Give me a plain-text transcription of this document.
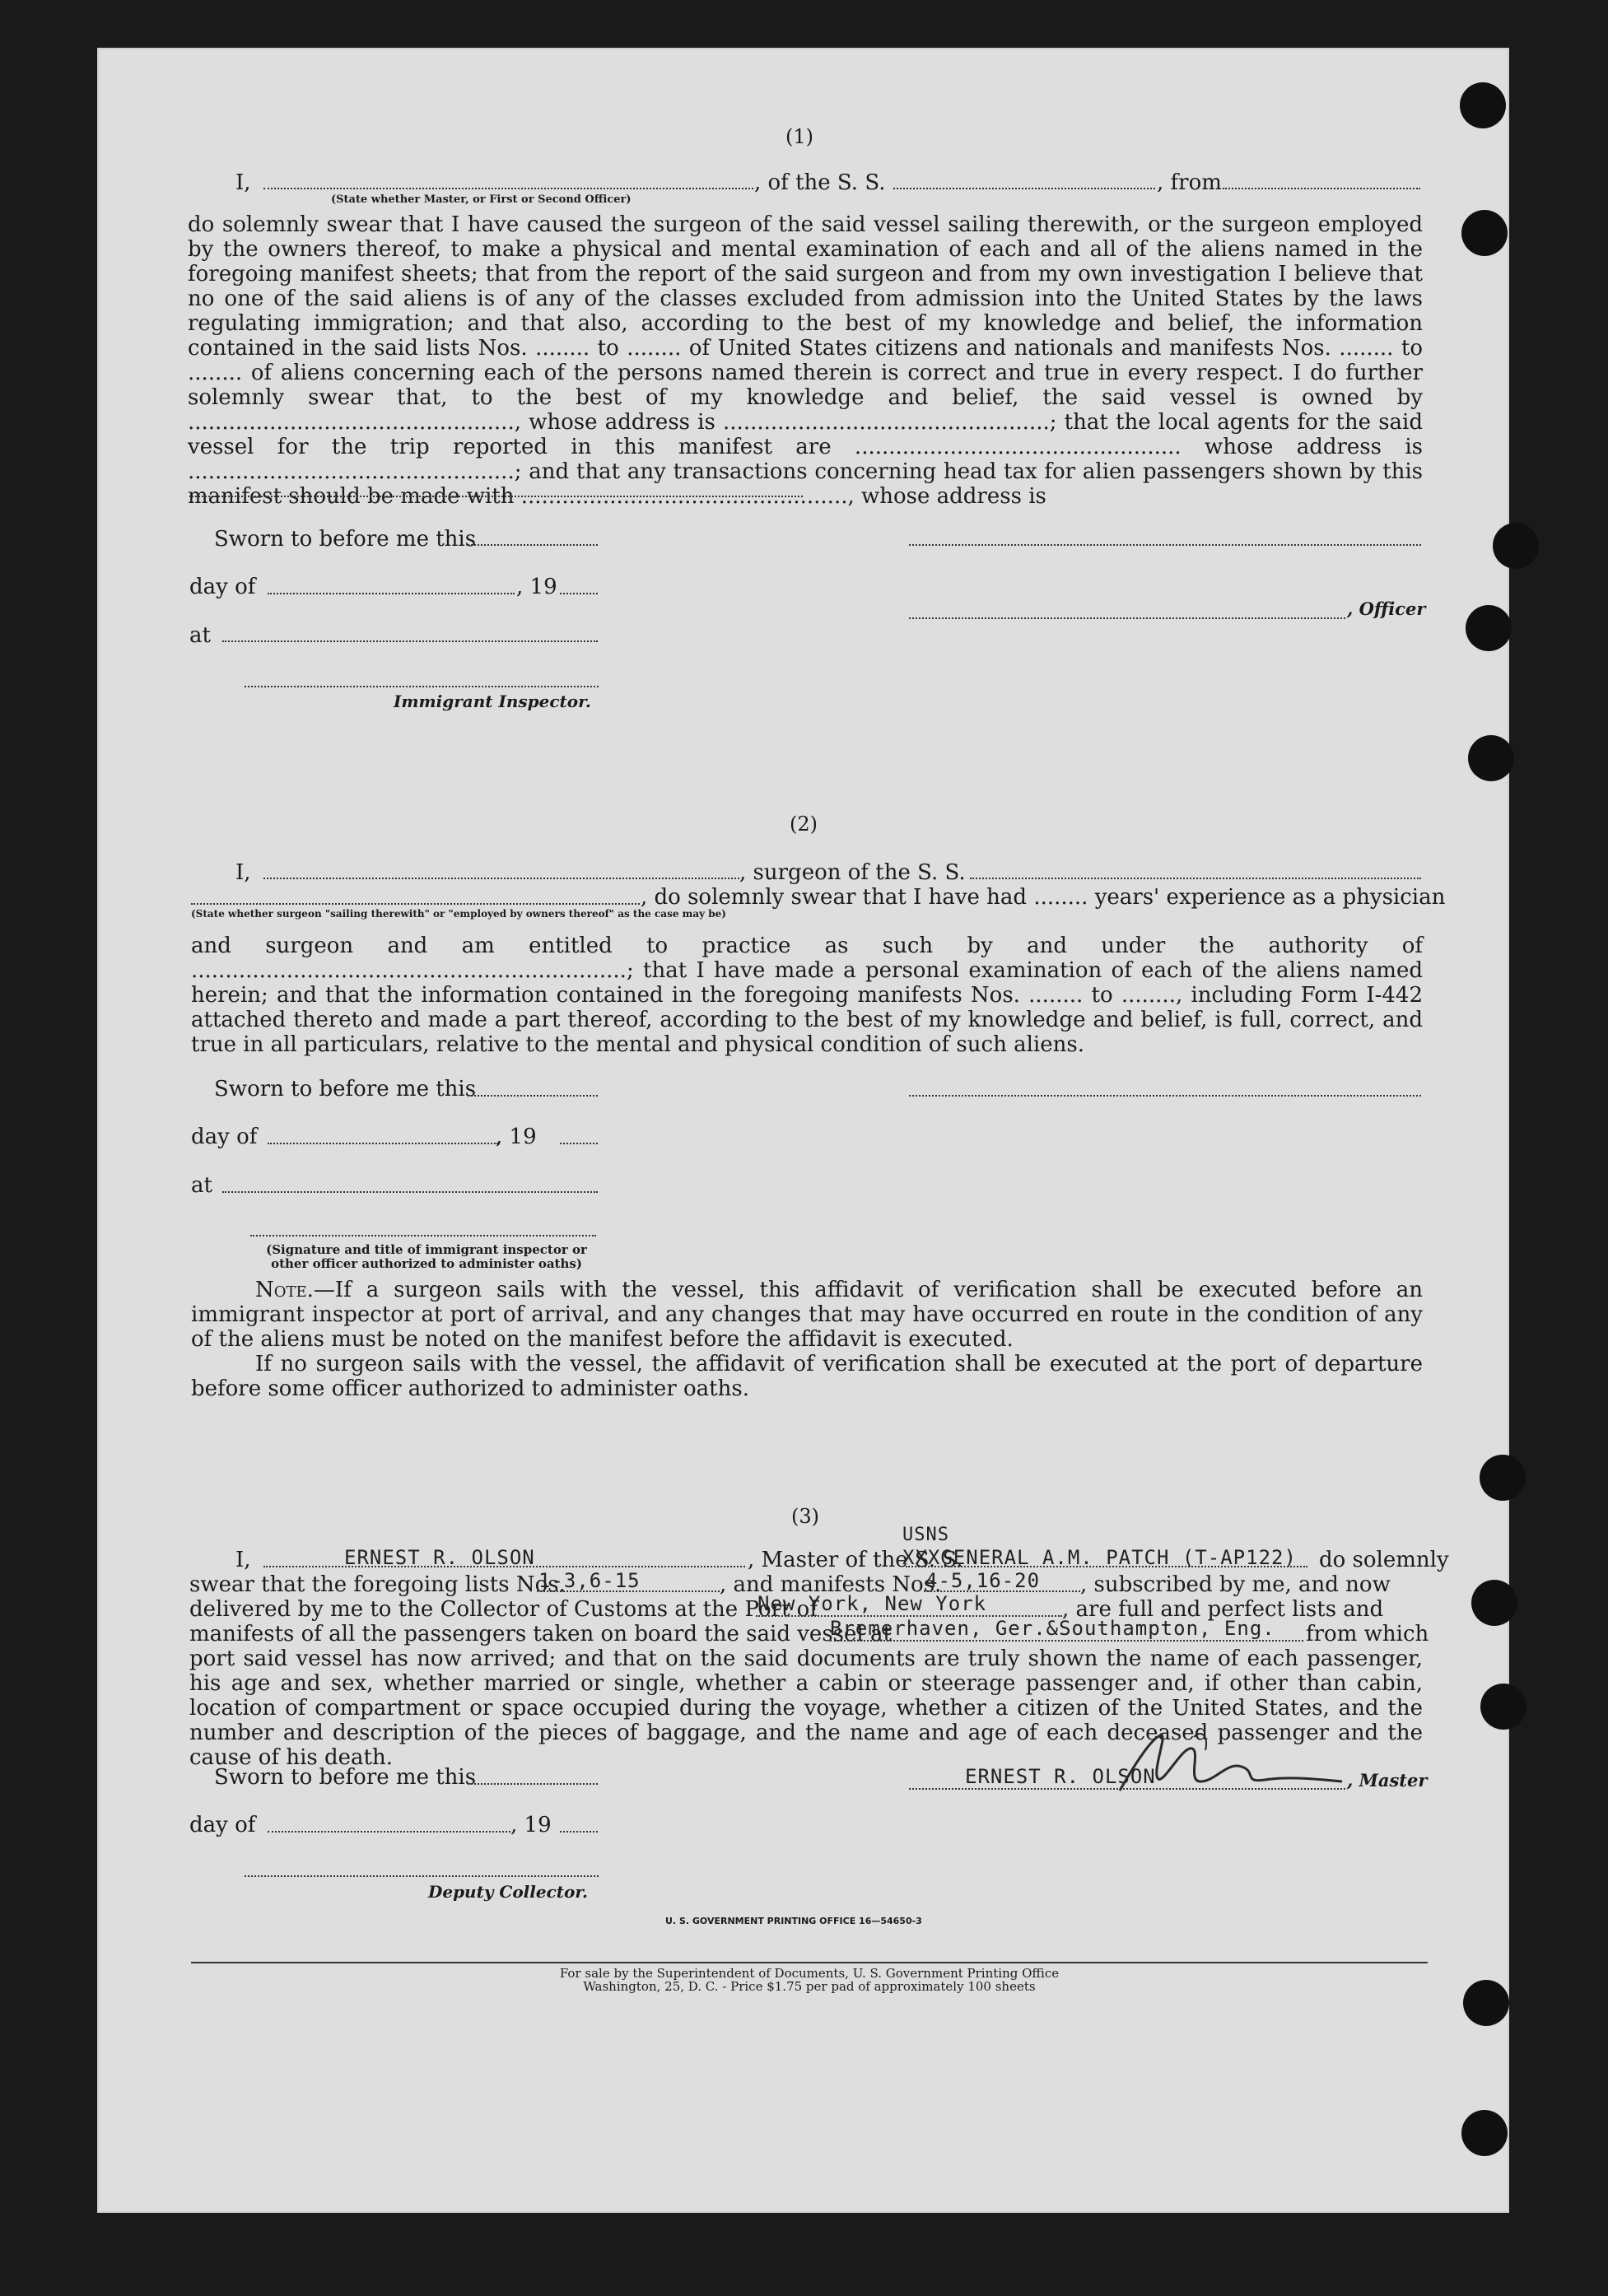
(1)
I,
(State whether Master, or First or Second Officer)
, of the S. S.	, from
do solemnly swear that I have caused the surgeon of the said vessel sailing therewith, or the surgeon employed by the owners thereof, to make a physical and mental examination of each and all of the aliens named in the foregoing manifest sheets; that from the report of the said surgeon and from my own investigation I believe that no one of the said aliens is of any of the classes excluded from admission into the United States by the laws regulating immigration; and that also, according to the best of my knowledge and belief, the information contained in the said lists Nos. ........ to ........ of United States citizens and nationals and manifests Nos. ........ to ........ of aliens concerning each of the persons named therein is correct and true in every respect. I do further solemnly swear that, to the best of my knowledge and belief, the said vessel is owned by ................................................, whose address is ................................................; that the local agents for the said vessel for the trip reported in this manifest are ................................................ whose address is ................................................; and that any transactions concerning head tax for alien passengers shown by this manifest should be made with ................................................, whose address is
Sworn to before me this
day of	, 19
, Officer
at
Immigrant Inspector.
(2)
I,	, surgeon of the S. S.
, do solemnly swear that I have had ........ years' experience as a physician
(State whether surgeon "sailing therewith" or "employed by owners thereof" as the case may be)
and surgeon and am entitled to practice as such by and under the authority of ................................................................; that I have made a personal examination of each of the aliens named herein; and that the information contained in the foregoing manifests Nos. ........ to ........, including Form I-442 attached thereto and made a part thereof, according to the best of my knowledge and belief, is full, correct, and true in all particulars, relative to the mental and physical condition of such aliens.
Sworn to before me this
day of	, 19
at
(Signature and title of immigrant inspector or other officer authorized to administer oaths)
Note.—If a surgeon sails with the vessel, this affidavit of verification shall be executed before an immigrant inspector at port of arrival, and any changes that may have occurred en route in the condition of any of the aliens must be noted on the manifest before the affidavit is executed.
If no surgeon sails with the vessel, the affidavit of verification shall be executed at the port of departure before some officer authorized to administer oaths.
(3)
USNS
I,	ERNEST R. OLSON	, Master of the S. S.
XXXGENERAL A.M. PATCH (T-AP122) do solemnly
swear that the foregoing lists Nos.
1-3,6-15	, and manifests Nos.
4-5,16-20 , subscribed by me, and now
delivered by me to the Collector of Customs at the Port of
New York, New York	, are full and perfect lists and
manifests of all the passengers taken on board the said vessel at
Bremerhaven, Ger.&Southampton, Eng. from which
port said vessel has now arrived; and that on the said documents are truly shown the name of each passenger, his age and sex, whether married or single, whether a cabin or steerage passenger and, if other than cabin, location of compartment or space occupied during the voyage, whether a citizen of the United States, and the number and description of the pieces of baggage, and the name and age of each deceased passenger and the cause of his death.
Sworn to before me this	ERNEST R. OLSON	, Master
day of	, 19
Deputy Collector.
U. S. GOVERNMENT PRINTING OFFICE 16—54650-3
For sale by the Superintendent of Documents, U. S. Government Printing Office
Washington, 25, D. C. - Price $1.75 per pad of approximately 100 sheets
